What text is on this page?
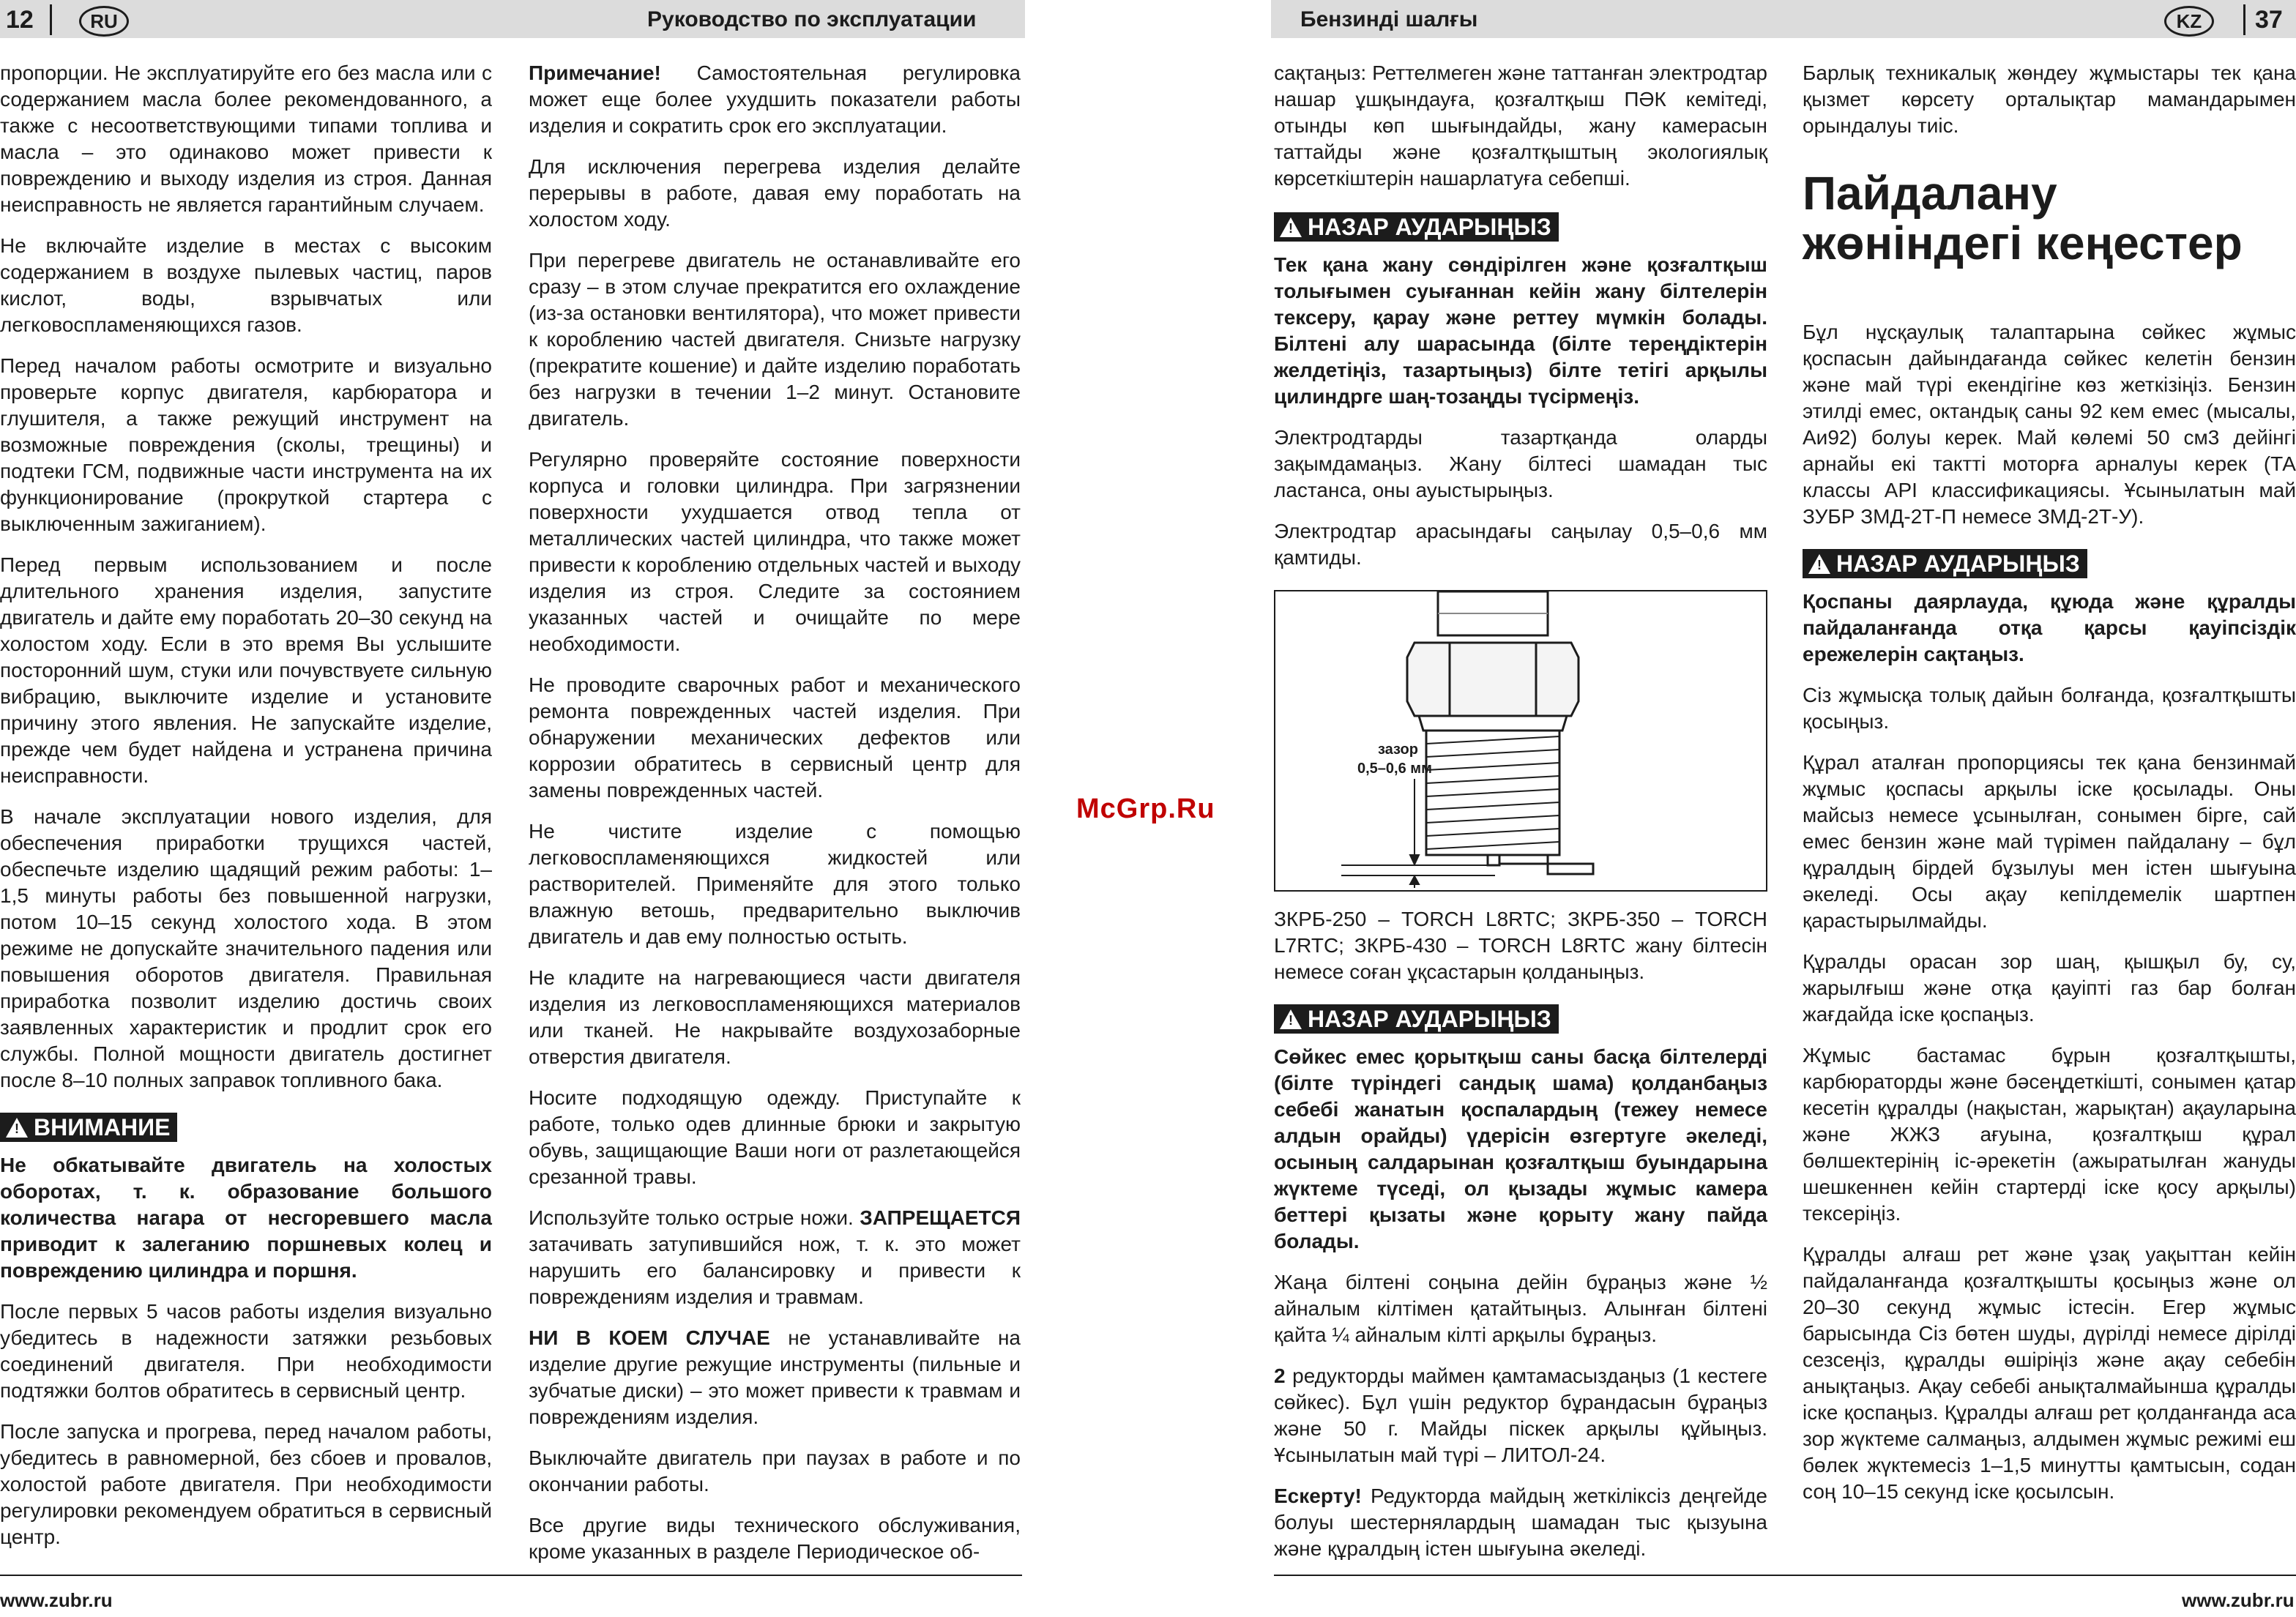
12	RU	Руководство по эксплуатации

пропорции. Не эксплуатируйте его без масла или с содержанием масла более рекомендованного, а также с несоответствующими типами топлива и масла – это одинаково может привести к повреждению и выходу изделия из строя. Данная неисправность не является гарантийным случаем.

Не включайте изделие в местах с высоким содержанием в воздухе пылевых частиц, паров кислот, воды, взрывчатых или легковоспламеняющихся газов.

Перед началом работы осмотрите и визуально проверьте корпус двигателя, карбюратора и глушителя, а также режущий инструмент на возможные повреждения (сколы, трещины) и подтеки ГСМ, подвижные части инструмента на их функционирование (прокруткой стартера с выключенным зажиганием).

Перед первым использованием и после длительного хранения изделия, запустите двигатель и дайте ему поработать 20–30 секунд на холостом ходу. Если в это время Вы услышите посторонний шум, стуки или почувствуете сильную вибрацию, выключите изделие и установите причину этого явления. Не запускайте изделие, прежде чем будет найдена и устранена причина неисправности.

В начале эксплуатации нового изделия, для обеспечения приработки трущихся частей, обеспечьте изделию щадящий режим работы: 1–1,5 минуты работы без повышенной нагрузки, потом 10–15 секунд холостого хода. В этом режиме не допускайте значительного падения или повышения оборотов двигателя. Правильная приработка позволит изделию достичь своих заявленных характеристик и продлит срок его службы. Полной мощности двигатель достигнет после 8–10 полных заправок топливного бака.

!ВНИМАНИЕ

Не обкатывайте двигатель на холостых оборотах, т. к. образование большого количества нагара от несгоревшего масла приводит к залеганию поршневых колец и повреждению цилиндра и поршня.

После первых 5 часов работы изделия визуально убедитесь в надежности затяжки резьбовых соединений двигателя. При необходимости подтяжки болтов обратитесь в сервисный центр.

После запуска и прогрева, перед началом работы, убедитесь в равномерной, без сбоев и провалов, холостой работе двигателя. При необходимости регулировки рекомендуем обратиться в сервисный центр.

Примечание! Самостоятельная регулировка может еще более ухудшить показатели работы изделия и сократить срок его эксплуатации.

Для исключения перегрева изделия делайте перерывы в работе, давая ему поработать на холостом ходу.

При перегреве двигатель не останавливайте его сразу – в этом случае прекратится его охлаждение (из-за остановки вентилятора), что может привести к короблению частей двигателя. Снизьте нагрузку (прекратите кошение) и дайте изделию поработать без нагрузки в течении 1–2 минут. Остановите двигатель.

Регулярно проверяйте состояние поверхности корпуса и головки цилиндра. При загрязнении поверхности ухудшается отвод тепла от металлических частей цилиндра, что также может привести к короблению отдельных частей и выходу изделия из строя. Следите за состоянием указанных частей и очищайте по мере необходимости.

Не проводите сварочных работ и механического ремонта поврежденных частей изделия. При обнаружении механических дефектов или коррозии обратитесь в сервисный центр для замены поврежденных частей.

Не чистите изделие с помощью легковоспламеняющихся жидкостей или растворителей. Применяйте для этого только влажную ветошь, предварительно выключив двигатель и дав ему полностью остыть.

Не кладите на нагревающиеся части двигателя изделия из легковоспламеняющихся материалов или тканей. Не накрывайте воздухозаборные отверстия двигателя.

Носите подходящую одежду. Приступайте к работе, только одев длинные брюки и закрытую обувь, защищающие Ваши ноги от разлетающейся срезанной травы.

Используйте только острые ножи. ЗАПРЕЩАЕТСЯ затачивать затупившийся нож, т. к. это может нарушить его балансировку и привести к повреждениям изделия и травмам.

НИ В КОЕМ СЛУЧАЕ не устанавливайте на изделие другие режущие инструменты (пильные и зубчатые диски) – это может привести к травмам и повреждениям изделия.

Выключайте двигатель при паузах в работе и по окончании работы.

Все другие виды технического обслуживания, кроме указанных в разделе Периодическое об-

www.zubr.ru
Бензинді шалғы	KZ	37

сақтаңыз: Реттелмеген және таттанған электродтар нашар ұшқындауға, қозғалтқыш ПӘК кемітеді, отынды көп шығындайды, жану камерасын таттайды және қозғалтқыштың экологиялық көрсеткіштерін нашарлатуға себепші.

!НАЗАР АУДАРЫҢЫЗ

Тек қана жану сөндірілген және қозғалтқыш толығымен суығаннан кейін жану білтелерін тексеру, қарау және реттеу мүмкін болады. Білтені алу шарасында (білте тереңдіктерін желдетіңіз, тазартыңыз) білте тетігі арқылы цилиндрге шаң-тозаңды түсірмеңіз.

Электродтарды тазартқанда оларды зақымдамаңыз. Жану білтесі шамадан тыс ластанса, оны ауыстырыңыз.

Электродтар арасындағы саңылау 0,5–0,6 мм қамтиды.

зазор
0,5–0,6 мм

ЗКРБ-250 – TORCH L8RTC; ЗКРБ-350 – TORCH L7RTC; ЗКРБ-430 – TORCH L8RTC жану білтесін немесе соған ұқсастарын қолданыңыз.

!НАЗАР АУДАРЫҢЫЗ

Сөйкес емес қорытқыш саны басқа білтелерді (білте түріндегі сандық шама) қолданбаңыз себебі жанатын қоспалардың (тежеу немесе алдын орайды) үдерісін өзгертуге әкеледі, осының салдарынан қозғалтқыш буындарына жүктеме түседі, ол қызады жұмыс камера беттері қызаты және қорыту жану пайда болады.

Жаңа білтені соңына дейін бұраңыз және ½ айналым кілтімен қатайтыңыз. Алынған білтені қайта ¼ айналым кілті арқылы бұраңыз.

2 редукторды маймен қамтамасыздаңыз (1 кестеге сөйкес). Бұл үшін редуктор бұрандасын бұраңыз және 50 г. Майды піскек арқылы құйыңыз. Ұсынылатын май түрі – ЛИТОЛ-24.

Ескерту! Редукторда майдың жеткіліксіз деңгейде болуы шестернялардың шамадан тыс қызуына және құралдың істен шығуына әкеледі.

Барлық техникалық жөндеу жұмыстары тек қана қызмет көрсету орталықтар мамандарымен орындалуы тиіс.

Пайдалану
жөніндегі кеңестер

Бұл нұсқаулық талаптарына сөйкес жұмыс қоспасын дайындағанда сөйкес келетін бензин және май түрі екендігіне көз жеткізіңіз. Бензин этилді емес, октандық саны 92 кем емес (мысалы, Аи92) болуы керек. Май көлемі 50 см3 дейінгі арнайы екі тактті моторға арналуы керек (ТА классы API классификациясы. Ұсынылатын май ЗУБР ЗМД-2Т-П немесе ЗМД-2Т-У).

!НАЗАР АУДАРЫҢЫЗ

Қоспаны даярлауда, құюда және құралды пайдаланғанда отқа қарсы қауіпсіздік ережелерін сақтаңыз.

Сіз жұмысқа толық дайын болғанда, қозғалтқышты қосыңыз.

Құрал аталған пропорциясы тек қана бензинмай жұмыс қоспасы арқылы іске қосылады. Оны майсыз немесе ұсынылған, сонымен бірге, сай емес бензин және май түрімен пайдалану – бұл құралдың бірдей бұзылуы мен істен шығуына әкеледі. Осы ақау кепілдемелік шартпен қарастырылмайды.

Құралды орасан зор шаң, қышқыл бу, су, жарылғыш және отқа қауіпті газ бар болған жағдайда іске қоспаңыз.

Жұмыс бастамас бұрын қозғалтқышты, карбюраторды және бәсеңдеткішті, сонымен қатар кесетін құралды (нақыстан, жарықтан) ақауларына және ЖЖЗ ағуына, қозғалтқыш құрал бөлшектерінің іс-әрекетін (ажыратылған жануды шешкеннен кейін стартерді іске қосу арқылы) тексеріңіз.

Құралды алғаш рет және ұзақ уақыттан кейін пайдаланғанда қозғалтқышты қосыңыз және ол 20–30 секунд жұмыс істесін. Егер жұмыс барысында Сіз бөтен шуды, дүрілді немесе дірілді сезсеңіз, құралды өшіріңіз және ақау себебін анықтаңыз. Ақау себебі анықталмайынша құралды іске қоспаңыз. Құралды алғаш рет қолданғанда аса зор жүктеме салмаңыз, алдымен жұмыс режимі еш бөлек жүктемесіз 1–1,5 минутты қамтысын, содан соң 10–15 секунд іске қосылсын.

www.zubr.ru
McGrp.Ru
